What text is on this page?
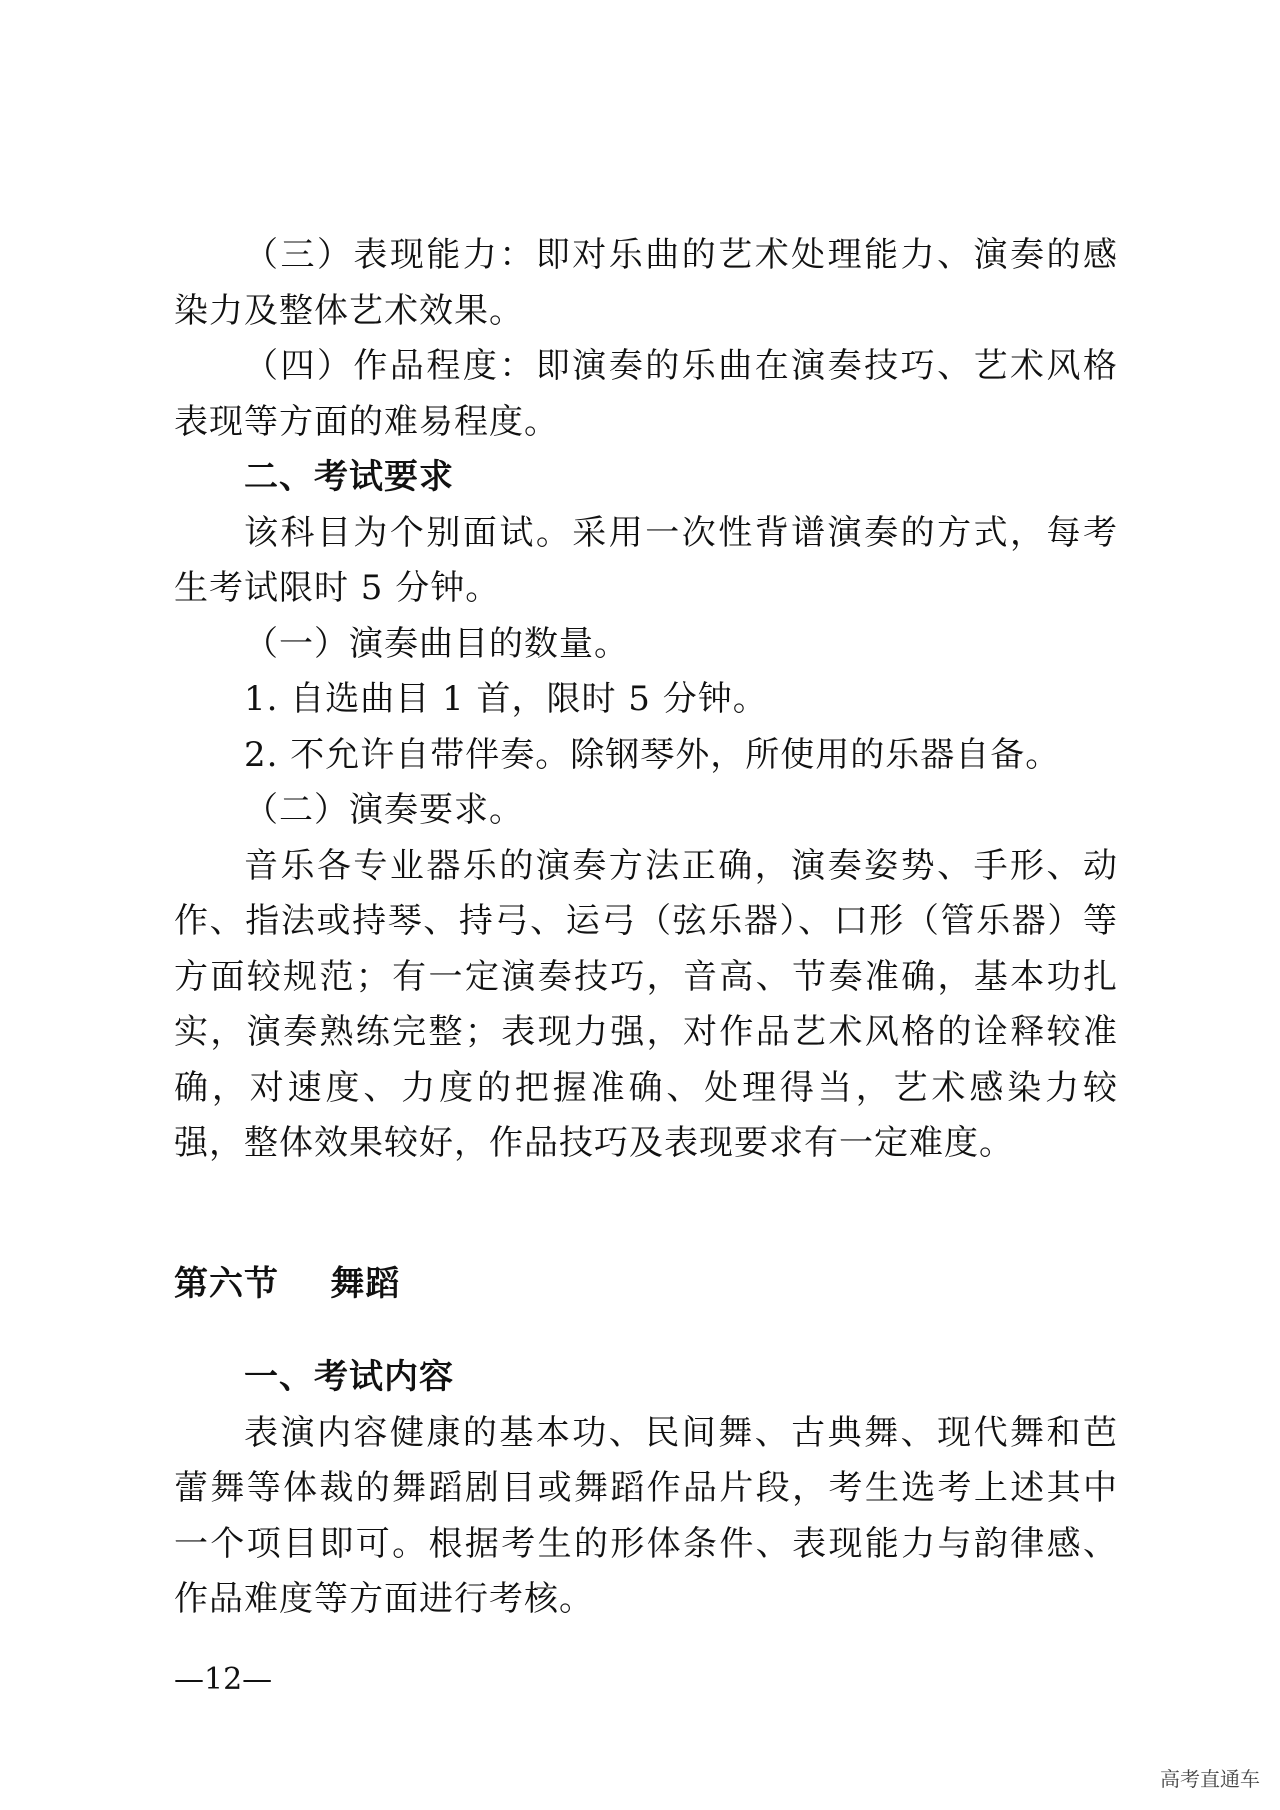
（三）表现能力：即对乐曲的艺术处理能力、演奏的感染力及整体艺术效果。

（四）作品程度：即演奏的乐曲在演奏技巧、艺术风格表现等方面的难易程度。

二、考试要求

该科目为个别面试。采用一次性背谱演奏的方式，每考生考试限时 5 分钟。

（一）演奏曲目的数量。

1. 自选曲目 1 首，限时 5 分钟。

2. 不允许自带伴奏。除钢琴外，所使用的乐器自备。

（二）演奏要求。

音乐各专业器乐的演奏方法正确，演奏姿势、手形、动作、指法或持琴、持弓、运弓（弦乐器）、口形（管乐器）等方面较规范；有一定演奏技巧，音高、节奏准确，基本功扎实，演奏熟练完整；表现力强，对作品艺术风格的诠释较准确，对速度、力度的把握准确、处理得当，艺术感染力较强，整体效果较好，作品技巧及表现要求有一定难度。

第六节    舞蹈

一、考试内容

表演内容健康的基本功、民间舞、古典舞、现代舞和芭蕾舞等体裁的舞蹈剧目或舞蹈作品片段，考生选考上述其中一个项目即可。根据考生的形体条件、表现能力与韵律感、作品难度等方面进行考核。

—12—
高考直通车
